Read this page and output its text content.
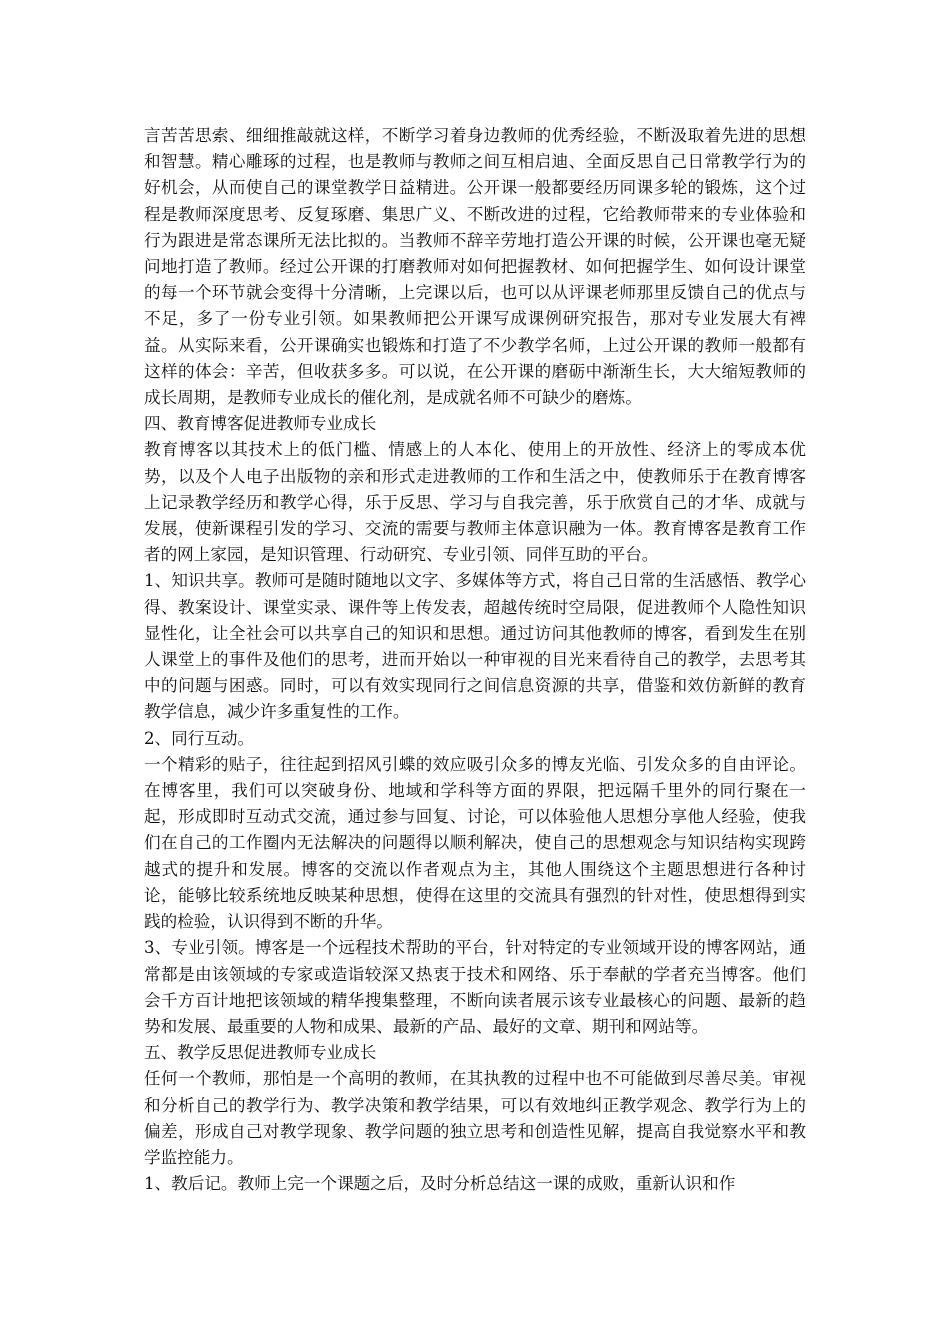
言苦苦思索、细细推敲就这样，不断学习着身边教师的优秀经验，不断汲取着先进的思想和智慧。精心雕琢的过程，也是教师与教师之间互相启迪、全面反思自己日常教学行为的好机会，从而使自己的课堂教学日益精进。公开课一般都要经历同课多轮的锻炼，这个过程是教师深度思考、反复琢磨、集思广义、不断改进的过程，它给教师带来的专业体验和行为跟进是常态课所无法比拟的。当教师不辞辛劳地打造公开课的时候，公开课也毫无疑问地打造了教师。经过公开课的打磨教师对如何把握教材、如何把握学生、如何设计课堂的每一个环节就会变得十分清晰，上完课以后，也可以从评课老师那里反馈自己的优点与不足，多了一份专业引领。如果教师把公开课写成课例研究报告，那对专业发展大有裨益。从实际来看，公开课确实也锻炼和打造了不少教学名师，上过公开课的教师一般都有这样的体会：辛苦，但收获多多。可以说，在公开课的磨砺中渐渐生长，大大缩短教师的成长周期，是教师专业成长的催化剂，是成就名师不可缺少的磨炼。

四、教育博客促进教师专业成长

教育博客以其技术上的低门槛、情感上的人本化、使用上的开放性、经济上的零成本优势，以及个人电子出版物的亲和形式走进教师的工作和生活之中，使教师乐于在教育博客上记录教学经历和教学心得，乐于反思、学习与自我完善，乐于欣赏自己的才华、成就与发展，使新课程引发的学习、交流的需要与教师主体意识融为一体。教育博客是教育工作者的网上家园，是知识管理、行动研究、专业引领、同伴互助的平台。

1、知识共享。教师可是随时随地以文字、多媒体等方式，将自己日常的生活感悟、教学心得、教案设计、课堂实录、课件等上传发表，超越传统时空局限，促进教师个人隐性知识显性化，让全社会可以共享自己的知识和思想。通过访问其他教师的博客，看到发生在别人课堂上的事件及他们的思考，进而开始以一种审视的目光来看待自己的教学，去思考其中的问题与困惑。同时，可以有效实现同行之间信息资源的共享，借鉴和效仿新鲜的教育教学信息，减少许多重复性的工作。

2、同行互动。

一个精彩的贴子，往往起到招风引蝶的效应吸引众多的博友光临、引发众多的自由评论。在博客里，我们可以突破身份、地域和学科等方面的界限，把远隔千里外的同行聚在一起，形成即时互动式交流，通过参与回复、讨论，可以体验他人思想分享他人经验，使我们在自己的工作圈内无法解决的问题得以顺利解决，使自己的思想观念与知识结构实现跨越式的提升和发展。博客的交流以作者观点为主，其他人围绕这个主题思想进行各种讨论，能够比较系统地反映某种思想，使得在这里的交流具有强烈的针对性，使思想得到实践的检验，认识得到不断的升华。

3、专业引领。博客是一个远程技术帮助的平台，针对特定的专业领域开设的博客网站，通常都是由该领域的专家或造诣较深又热衷于技术和网络、乐于奉献的学者充当博客。他们会千方百计地把该领域的精华搜集整理，不断向读者展示该专业最核心的问题、最新的趋势和发展、最重要的人物和成果、最新的产品、最好的文章、期刊和网站等。

五、教学反思促进教师专业成长

任何一个教师，那怕是一个高明的教师，在其执教的过程中也不可能做到尽善尽美。审视和分析自己的教学行为、教学决策和教学结果，可以有效地纠正教学观念、教学行为上的偏差，形成自己对教学现象、教学问题的独立思考和创造性见解，提高自我觉察水平和教学监控能力。

1、教后记。教师上完一个课题之后，及时分析总结这一课的成败，重新认识和作
